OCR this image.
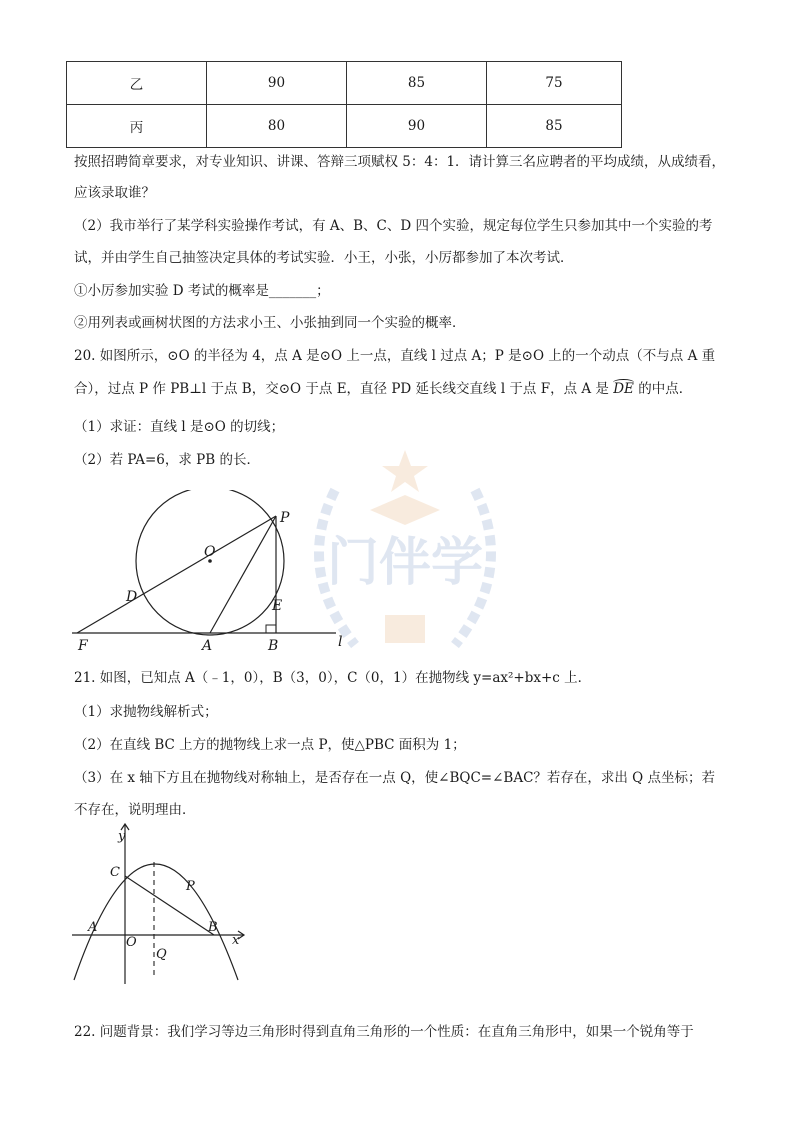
门伴学
乙	90	85	75
丙	80	90	85
按照招聘简章要求，对专业知识、讲课、答辩三项赋权 5：4：1．请计算三名应聘者的平均成绩，从成绩看，
应该录取谁？
（2）我市举行了某学科实验操作考试，有 A、B、C、D 四个实验，规定每位学生只参加其中一个实验的考
试，并由学生自己抽签决定具体的考试实验．小王，小张，小厉都参加了本次考试．
①小厉参加实验 D 考试的概率是_______；
②用列表或画树状图的方法求小王、小张抽到同一个实验的概率．
20. 如图所示，⊙O 的半径为 4，点 A 是⊙O 上一点，直线 l 过点 A；P 是⊙O 上的一个动点（不与点 A 重
合），过点 P 作 PB⊥l 于点 B，交⊙O 于点 E，直径 PD 延长线交直线 l 于点 F，点 A 是 DE 的中点．
（1）求证：直线 l 是⊙O 的切线；
（2）若 PA=6，求 PB 的长．
P
O
D
E
F	A	B	l
21. 如图，已知点 A（﹣1，0），B（3，0），C（0，1）在抛物线 y=ax²+bx+c 上．
（1）求抛物线解析式；
（2）在直线 BC 上方的抛物线上求一点 P，使△PBC 面积为 1；
（3）在 x 轴下方且在抛物线对称轴上，是否存在一点 Q，使∠BQC=∠BAC？若存在，求出 Q 点坐标；若
不存在，说明理由．
y
x
C
P
A
O
B
Q
22. 问题背景：我们学习等边三角形时得到直角三角形的一个性质：在直角三角形中，如果一个锐角等于
